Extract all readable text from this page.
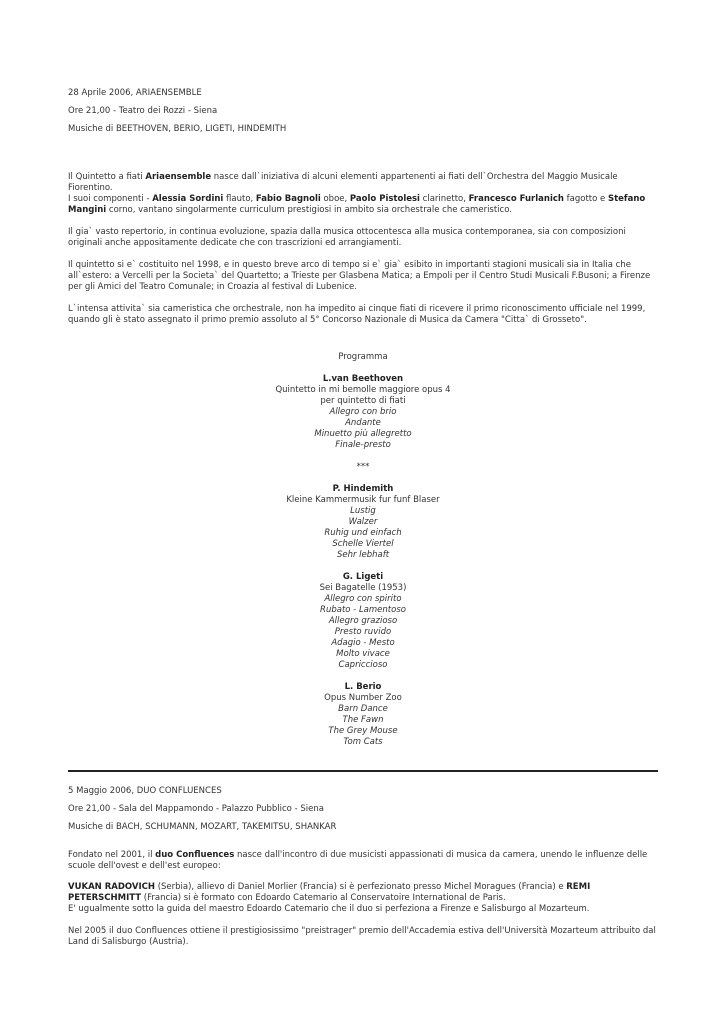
28 Aprile 2006, ARIAENSEMBLE
Ore 21,00 - Teatro dei Rozzi - Siena
Musiche di BEETHOVEN, BERIO, LIGETI, HINDEMITH
Il Quintetto a fiati Ariaensemble nasce dall`iniziativa di alcuni elementi appartenenti ai fiati dell`Orchestra del Maggio Musicale Fiorentino.
I suoi componenti - Alessia Sordini flauto, Fabio Bagnoli oboe, Paolo Pistolesi clarinetto, Francesco Furlanich fagotto e Stefano Mangini corno, vantano singolarmente curriculum prestigiosi in ambito sia orchestrale che cameristico.
Il gia` vasto repertorio, in continua evoluzione, spazia dalla musica ottocentesca alla musica contemporanea, sia con composizioni originali anche appositamente dedicate che con trascrizioni ed arrangiamenti.
Il quintetto si e` costituito nel 1998, e in questo breve arco di tempo si e` gia` esibito in importanti stagioni musicali sia in Italia che all`estero: a Vercelli per la Societa` del Quartetto; a Trieste per Glasbena Matica; a Empoli per il Centro Studi Musicali F.Busoni; a Firenze per gli Amici del Teatro Comunale; in Croazia al festival di Lubenice.
L`intensa attivita` sia cameristica che orchestrale, non ha impedito ai cinque fiati di ricevere il primo riconoscimento ufficiale nel 1999, quando gli è stato assegnato il primo premio assoluto al 5° Concorso Nazionale di Musica da Camera "Citta` di Grosseto".
Programma
L.van Beethoven
Quintetto in mi bemolle maggiore opus 4
per quintetto di fiati
Allegro con brio
Andante
Minuetto più allegretto
Finale-presto
***
P. Hindemith
Kleine Kammermusik fur funf Blaser
Lustig
Walzer
Ruhig und einfach
Schelle Viertel
Sehr lebhaft
G. Ligeti
Sei Bagatelle (1953)
Allegro con spirito
Rubato - Lamentoso
Allegro grazioso
Presto ruvido
Adagio - Mesto
Molto vivace
Capriccioso
L. Berio
Opus Number Zoo
Barn Dance
The Fawn
The Grey Mouse
Tom Cats
5 Maggio 2006, DUO CONFLUENCES
Ore 21,00 - Sala del Mappamondo - Palazzo Pubblico - Siena
Musiche di BACH, SCHUMANN, MOZART, TAKEMITSU, SHANKAR
Fondato nel 2001, il duo Confluences nasce dall'incontro di due musicisti appassionati di musica da camera, unendo le influenze delle scuole dell'ovest e dell'est europeo:
VUKAN RADOVICH (Serbia), allievo di Daniel Morlier (Francia) si è perfezionato presso Michel Moragues (Francia) e REMI PETERSCHMITT (Francia) si è formato con Edoardo Catemario al Conservatoire International de Paris.
E' ugualmente sotto la guida del maestro Edoardo Catemario che il duo si perfeziona a Firenze e Salisburgo al Mozarteum.
Nel 2005 il duo Confluences ottiene il prestigiosissimo "preistrager" premio dell'Accademia estiva dell'Università Mozarteum attribuito dal Land di Salisburgo (Austria).
